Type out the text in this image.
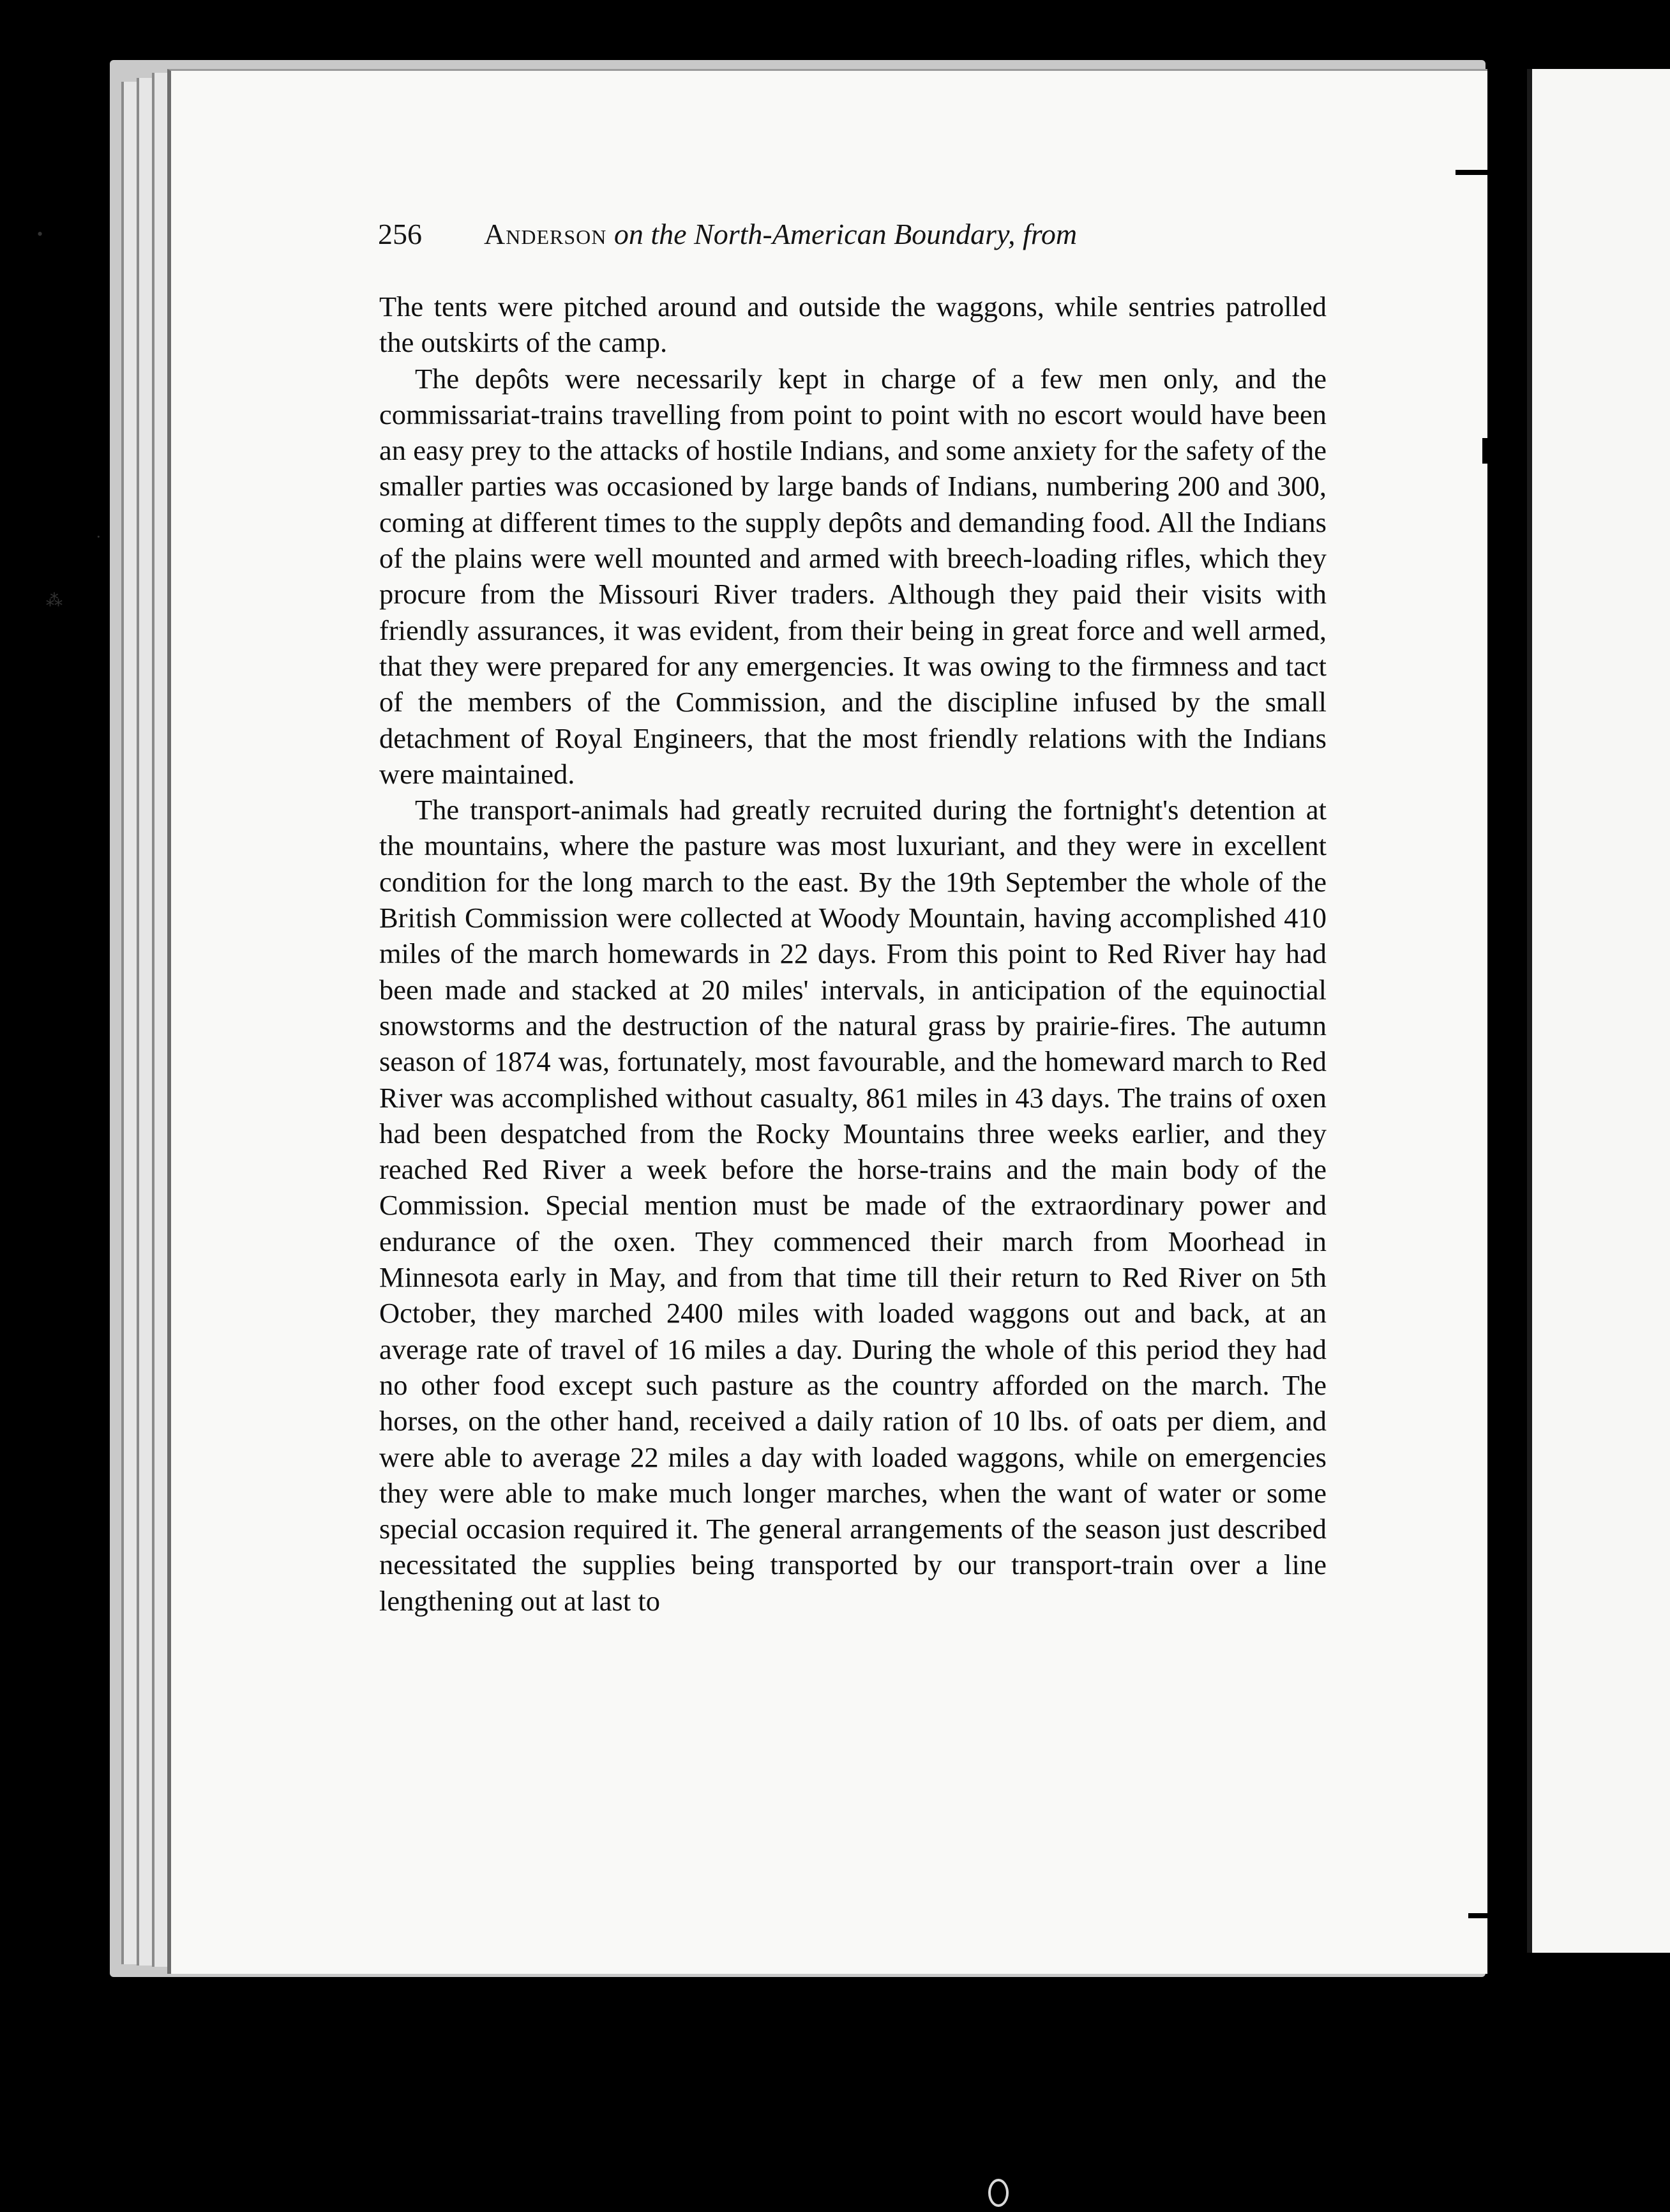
•
⁂
·
256 Anderson on the North-American Boundary, from

The tents were pitched around and outside the waggons, while sentries patrolled the outskirts of the camp.

The depôts were necessarily kept in charge of a few men only, and the commissariat-trains travelling from point to point with no escort would have been an easy prey to the attacks of hostile Indians, and some anxiety for the safety of the smaller parties was occasioned by large bands of Indians, numbering 200 and 300, coming at different times to the supply depôts and demanding food. All the Indians of the plains were well mounted and armed with breech-loading rifles, which they procure from the Missouri River traders. Although they paid their visits with friendly assurances, it was evident, from their being in great force and well armed, that they were prepared for any emergencies. It was owing to the firmness and tact of the members of the Commission, and the discipline infused by the small detachment of Royal Engineers, that the most friendly relations with the Indians were maintained.

The transport-animals had greatly recruited during the fortnight's detention at the mountains, where the pasture was most luxuriant, and they were in excellent condition for the long march to the east. By the 19th September the whole of the British Commission were collected at Woody Mountain, having accomplished 410 miles of the march homewards in 22 days. From this point to Red River hay had been made and stacked at 20 miles' intervals, in anticipation of the equinoctial snowstorms and the destruction of the natural grass by prairie-fires. The autumn season of 1874 was, fortunately, most favourable, and the homeward march to Red River was accomplished without casualty, 861 miles in 43 days. The trains of oxen had been despatched from the Rocky Mountains three weeks earlier, and they reached Red River a week before the horse-trains and the main body of the Commission. Special mention must be made of the extraordinary power and endurance of the oxen. They commenced their march from Moorhead in Minnesota early in May, and from that time till their return to Red River on 5th October, they marched 2400 miles with loaded waggons out and back, at an average rate of travel of 16 miles a day. During the whole of this period they had no other food except such pasture as the country afforded on the march. The horses, on the other hand, received a daily ration of 10 lbs. of oats per diem, and were able to average 22 miles a day with loaded waggons, while on emergencies they were able to make much longer marches, when the want of water or some special occasion required it. The general arrangements of the season just described necessitated the supplies being transported by our transport-train over a line lengthening out at last to
